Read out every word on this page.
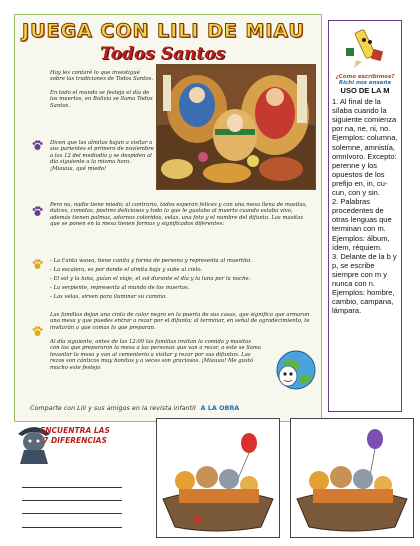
JUEGA CON LILI DE MIAU
Todos Santos
Hoy les contaré lo que investigué sobre las tradiciones de Todos Santos.
En todo el mundo se festeja el día de los muertos, en Bolivia se llama Todos Santos.
Dicen que las almitas bajan a visitar a sus parientes el primero de noviembre a las 12 del mediodía y se despiden al día siguiente a la misma hora. ¡Miauuu, qué miedo!
Pero no, nadie tiene miedo; al contrario, todos esperan felices y con una mesa llena de masitas, dulces, comidas, postres deliciosos y todo lo que le gustaba al muerto cuando estaba vivo, además tienen palmas, adornos coloridos, velas, una foto y el nombre del difunto. Las masitas que se ponen en la mesa tienen formas y significados diferentes:
- La t'anta wawa, tiene canita y forma de persona y representa al muertito.
- La escalera, es por donde el almita baja y sube al cielo.
- El sol y la luna, guían el viaje, el sol durante el día y la luna por la noche.
- La serpiente, representa al mundo de los muertos.
- Las velas, sirven para iluminar su camino.
Las familias dejan una cinta de color negro en la puerta de sus casas, que significa que armaron una mesa y que puedes entrar a rezar por el difunto; al terminar, en señal de agradecimiento, te invitarán a que comas lo que preparan.
Al día siguiente, antes de las 12:00 las familias invitan la comida y masitas con las que prepararon la mesa a las personas que van a rezar, a este se llama levantar la mesa y van al cementerio a visitar y rezar por sus difuntos. Las rezos son cánticos muy bonitos y a veces son graciosos. ¡Miauuu! Me gustó mucho este festejo
Comparte con Lili y sus amigos en la revista infantil A LA OBRA
¿Cómo escribimos?
Richi nos enseña
USO DE LA M
1. Al final de la sílaba cuando la siguiente comienza por na, ne, ni, no. Ejemplos: columna, solemne, amnistía, omnívoro. Excepto: perenne y los opuestos de los prefijo en, in, cu-cun, con y sin.
2. Palabras procedentes de otras lenguas que terminan con m. Ejemplos: álbum, ídem, réquiem.
3. Delante de la b y p, se escribe siempre con m y nunca con n. Ejemplos: hombre, cambio, campana, lámpara.
ENCUENTRA LAS 7 DIFERENCIAS
